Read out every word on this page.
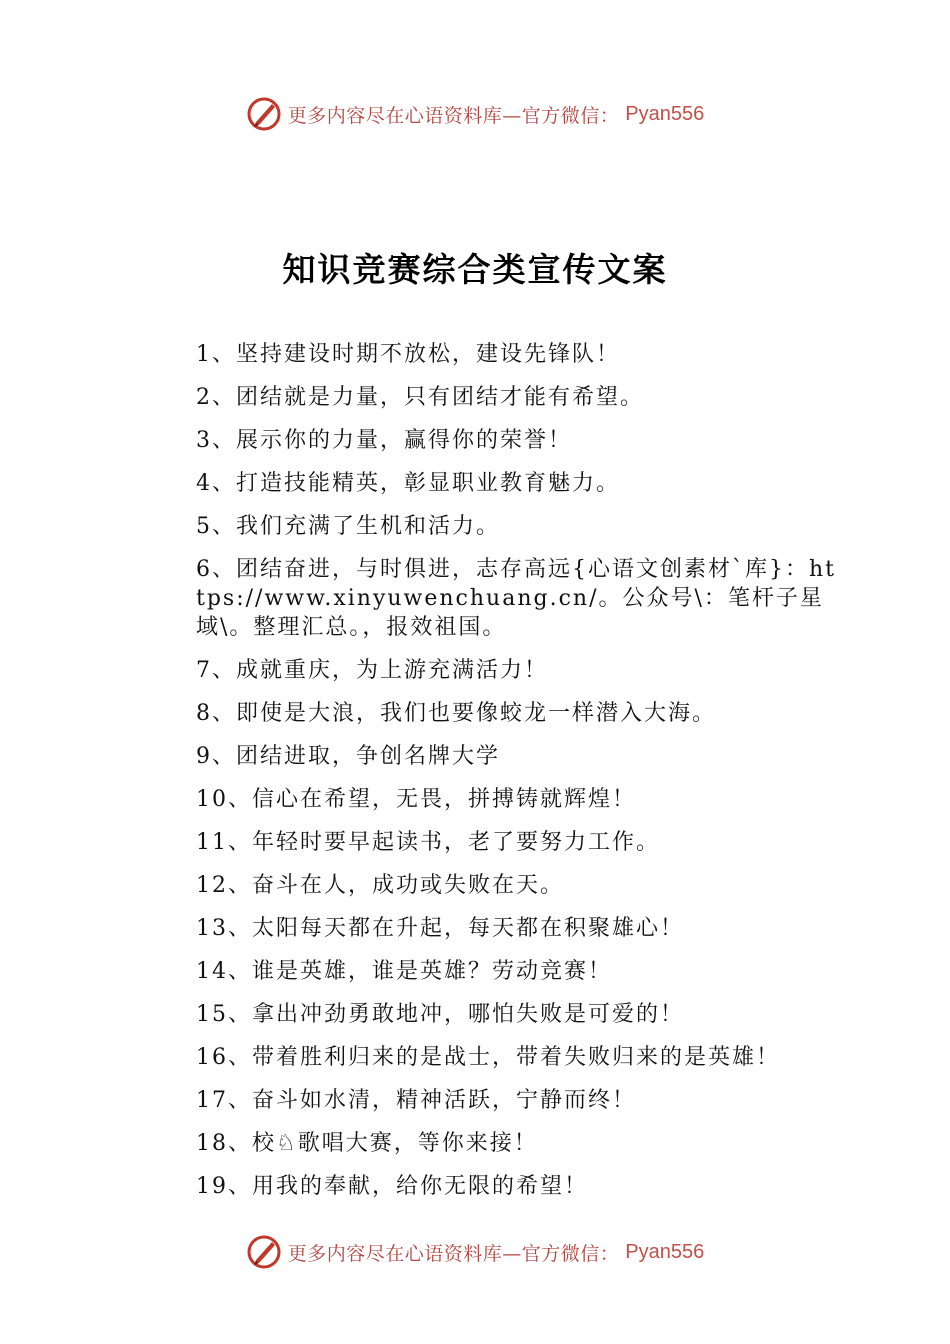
更多内容尽在心语资料库—官方微信： Pyan556
知识竞赛综合类宣传文案
1、坚持建设时期不放松，建设先锋队！
2、团结就是力量，只有团结才能有希望。
3、展示你的力量，赢得你的荣誉！
4、打造技能精英，彰显职业教育魅力。
5、我们充满了生机和活力。
6、团结奋进，与时俱进，志存高远{心语文创素材`库}：https://www.xinyuwenchuang.cn/。公众号\：笔杆子星域\。整理汇总。，报效祖国。
7、成就重庆，为上游充满活力！
8、即使是大浪，我们也要像蛟龙一样潜入大海。
9、团结进取，争创名牌大学
10、信心在希望，无畏，拼搏铸就辉煌！
11、年轻时要早起读书，老了要努力工作。
12、奋斗在人，成功或失败在天。
13、太阳每天都在升起，每天都在积聚雄心！
14、谁是英雄，谁是英雄？劳动竞赛！
15、拿出冲劲勇敢地冲，哪怕失败是可爱的！
16、带着胜利归来的是战士，带着失败归来的是英雄！
17、奋斗如水清，精神活跃，宁静而终！
18、校♘歌唱大赛，等你来接！
19、用我的奉献，给你无限的希望！
更多内容尽在心语资料库—官方微信： Pyan556
